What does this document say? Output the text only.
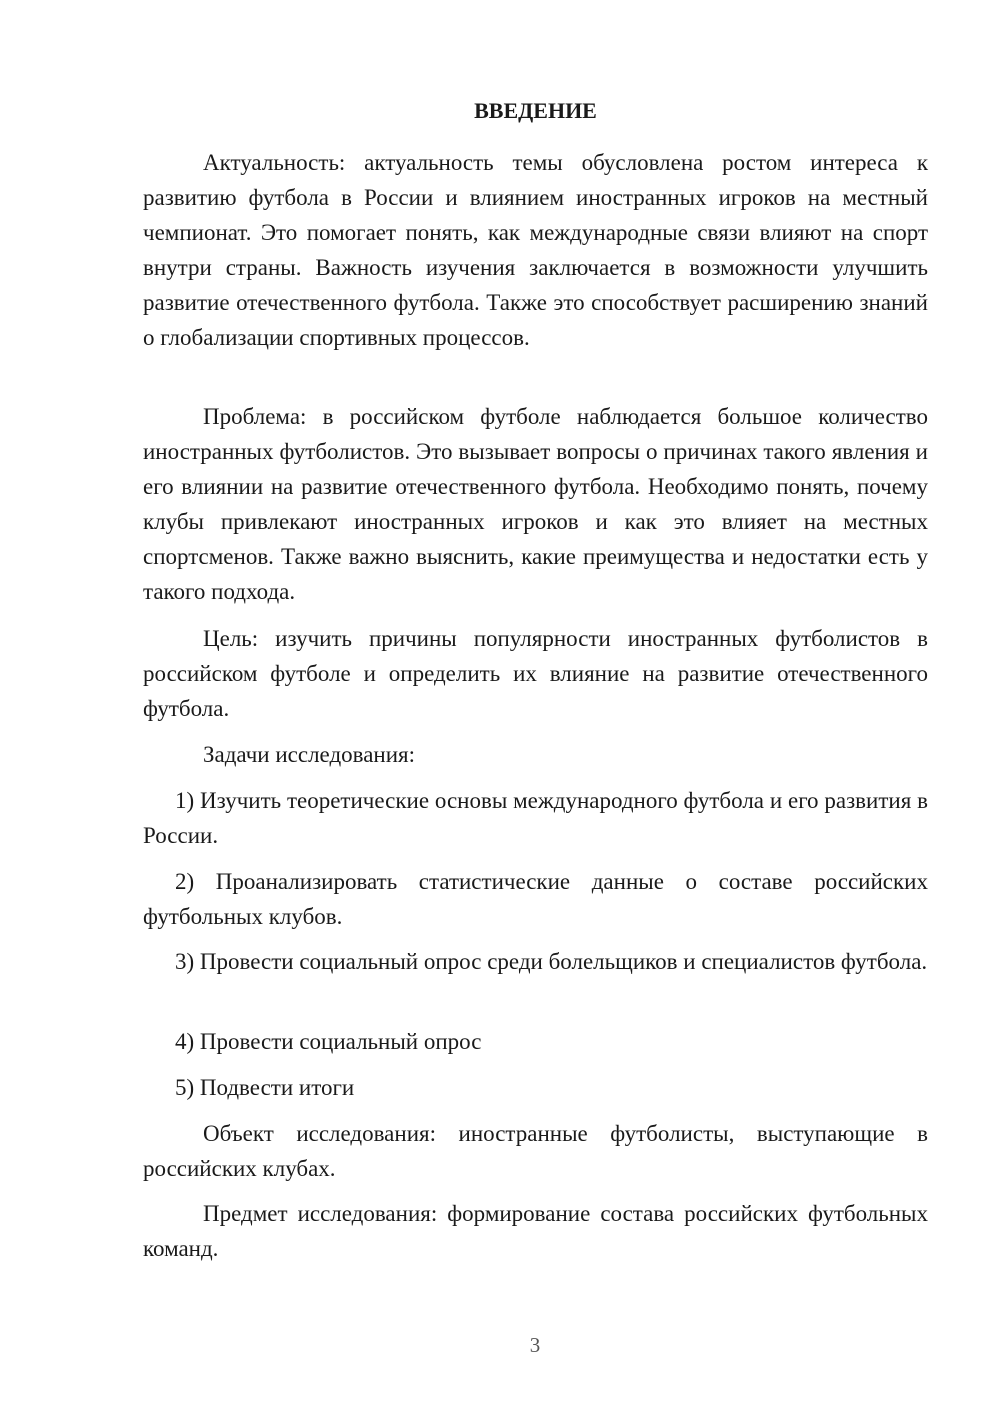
ВВЕДЕНИЕ

Актуальность: актуальность темы обусловлена ростом интереса к развитию футбола в России и влиянием иностранных игроков на местный чемпионат. Это помогает понять, как международные связи влияют на спорт внутри страны. Важность изучения заключается в возможности улучшить развитие отечественного футбола. Также это способствует расширению знаний о глобализации спортивных процессов.

Проблема: в российском футболе наблюдается большое количество иностранных футболистов. Это вызывает вопросы о причинах такого явления и его влиянии на развитие отечественного футбола. Необходимо понять, почему клубы привлекают иностранных игроков и как это влияет на местных спортсменов. Также важно выяснить, какие преимущества и недостатки есть у такого подхода.

Цель: изучить причины популярности иностранных футболистов в российском футболе и определить их влияние на развитие отечественного футбола.

Задачи исследования:

1) Изучить теоретические основы международного футбола и его развития в России.

2) Проанализировать статистические данные о составе российских футбольных клубов.

3) Провести социальный опрос среди болельщиков и специалистов футбола.

4) Провести социальный опрос

5) Подвести итоги

Объект исследования: иностранные футболисты, выступающие в российских клубах.

Предмет исследования: формирование состава российских футбольных команд.

3
